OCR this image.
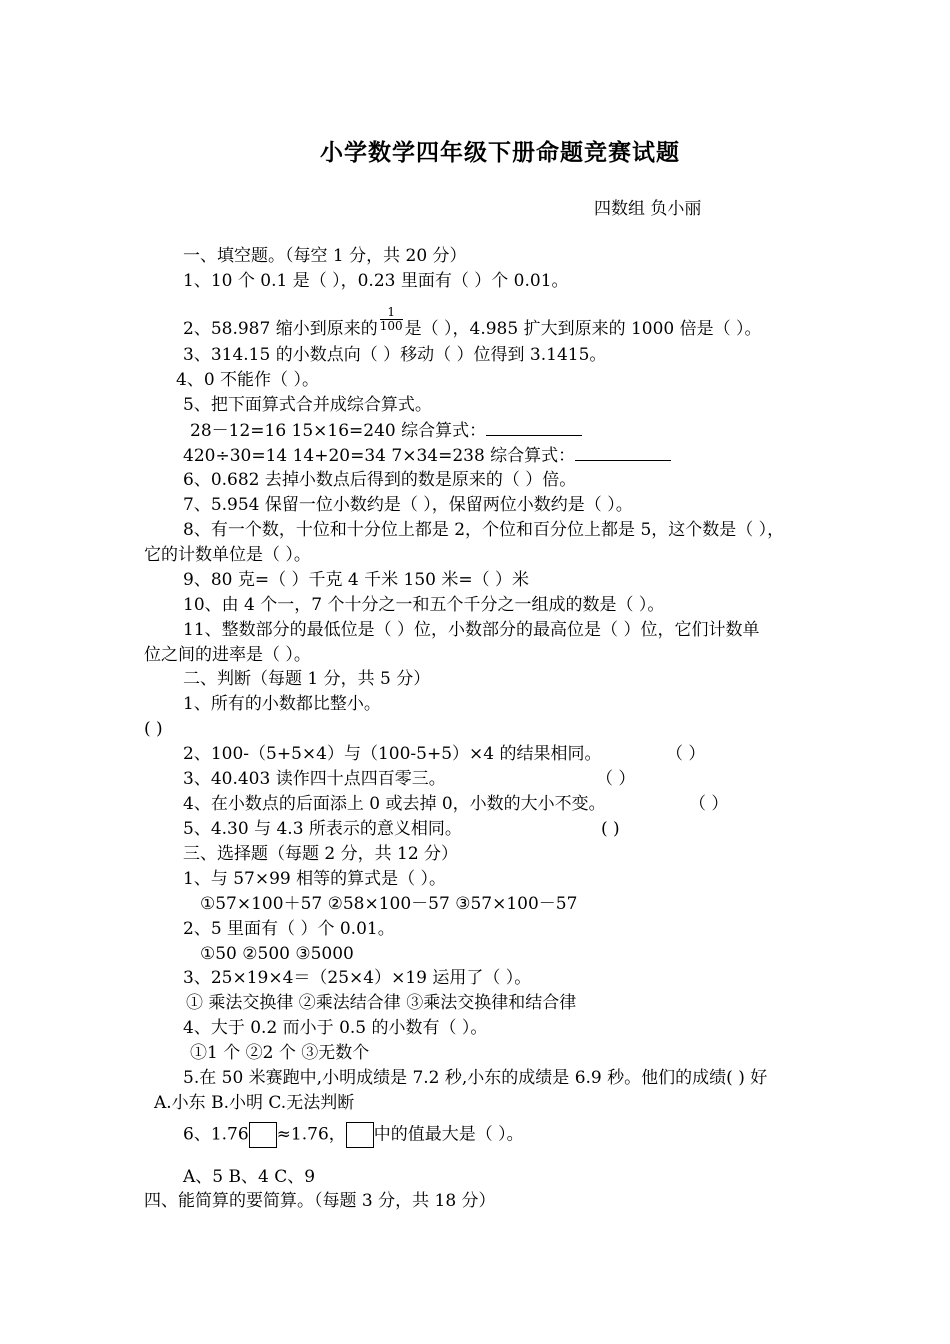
小学数学四年级下册命题竞赛试题
四数组 负小丽
一、填空题。（每空 1 分，共 20 分）
1、10 个 0.1 是（ ），0.23 里面有（ ）个 0.01。
2、58.987 缩小到原来的 $\frac{1}{100}$ 是（ ），4.985 扩大到原来的 1000 倍是（ ）。
3、314.15 的小数点向（ ）移动（ ）位得到 3.1415。
4、0 不能作（ ）。
5、把下面算式合并成综合算式。
28－12=16 15×16=240 综合算式：
420÷30=14 14+20=34 7×34=238 综合算式：
6、0.682 去掉小数点后得到的数是原来的（ ）倍。
7、5.954 保留一位小数约是（ ），保留两位小数约是（ ）。
8、有一个数，十位和十分位上都是 2，个位和百分位上都是 5，这个数是（ ），
它的计数单位是（ ）。
9、80 克=（ ）千克 4 千米 150 米=（ ）米
10、由 4 个一，7 个十分之一和五个千分之一组成的数是（ ）。
11、整数部分的最低位是（ ）位，小数部分的最高位是（ ）位，它们计数单
位之间的进率是（ ）。
二、判断（每题 1 分，共 5 分）
1、所有的小数都比整小。
( )
2、100-（5+5×4）与（100-5+5）×4 的结果相同。	（ ）
3、40.403 读作四十点四百零三。	（ ）
4、在小数点的后面添上 0 或去掉 0，小数的大小不变。	（ ）
5、4.30 与 4.3 所表示的意义相同。	( )
三、选择题（每题 2 分，共 12 分）
1、与 57×99 相等的算式是（ ）。
①57×100＋57 ②58×100－57 ③57×100－57
2、5 里面有（ ）个 0.01。
①50 ②500 ③5000
3、25×19×4＝（25×4）×19 运用了（ ）。
① 乘法交换律 ②乘法结合律 ③乘法交换律和结合律
4、大于 0.2 而小于 0.5 的小数有（ ）。
①1 个 ②2 个 ③无数个
5.在 50 米赛跑中,小明成绩是 7.2 秒,小东的成绩是 6.9 秒。他们的成绩( ) 好
A.小东 B.小明 C.无法判断
6、1.76 ≈1.76， 中的值最大是（ ）。
A、5 B、4 C、9
四、能简算的要简算。（每题 3 分，共 18 分）
